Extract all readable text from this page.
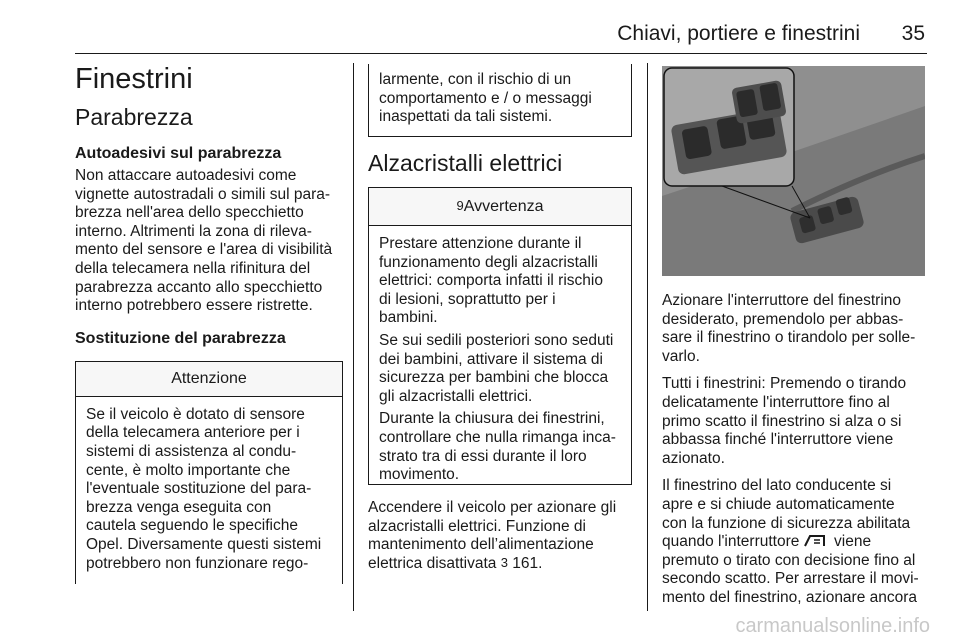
Chiavi, portiere e finestrini	35
Finestrini
Parabrezza
Autoadesivi sul parabrezza

Non attaccare autoadesivi come
vignette autostradali o simili sul para-
brezza nell'area dello specchietto
interno. Altrimenti la zona di rileva-
mento del sensore e l'area di visibilità
della telecamera nella rifinitura del
parabrezza accanto allo specchietto
interno potrebbero essere ristrette.

Sostituzione del parabrezza
Attenzione
Se il veicolo è dotato di sensore
della telecamera anteriore per i
sistemi di assistenza al condu-
cente, è molto importante che
l'eventuale sostituzione del para-
brezza venga eseguita con
cautela seguendo le specifiche
Opel. Diversamente questi sistemi
potrebbero non funzionare rego-
larmente, con il rischio di un
comportamento e / o messaggi
inaspettati da tali sistemi.
Alzacristalli elettrici
9Avvertenza

Prestare attenzione durante il
funzionamento degli alzacristalli
elettrici: comporta infatti il rischio
di lesioni, soprattutto per i
bambini.

Se sui sedili posteriori sono seduti
dei bambini, attivare il sistema di
sicurezza per bambini che blocca
gli alzacristalli elettrici.

Durante la chiusura dei finestrini,
controllare che nulla rimanga inca-
strato tra di essi durante il loro
movimento.

Accendere il veicolo per azionare gli
alzacristalli elettrici. Funzione di
mantenimento dell’alimentazione
elettrica disattivata 3 161.

Azionare l'interruttore del finestrino
desiderato, premendolo per abbas-
sare il finestrino o tirandolo per solle-
varlo.

Tutti i finestrini: Premendo o tirando
delicatamente l'interruttore fino al
primo scatto il finestrino si alza o si
abbassa finché l'interruttore viene
azionato.

Il finestrino del lato conducente si
apre e si chiude automaticamente
con la funzione di sicurezza abilitata
quando l'interruttore viene
premuto o tirato con decisione fino al
secondo scatto. Per arrestare il movi-
mento del finestrino, azionare ancora

carmanualsonline.info
